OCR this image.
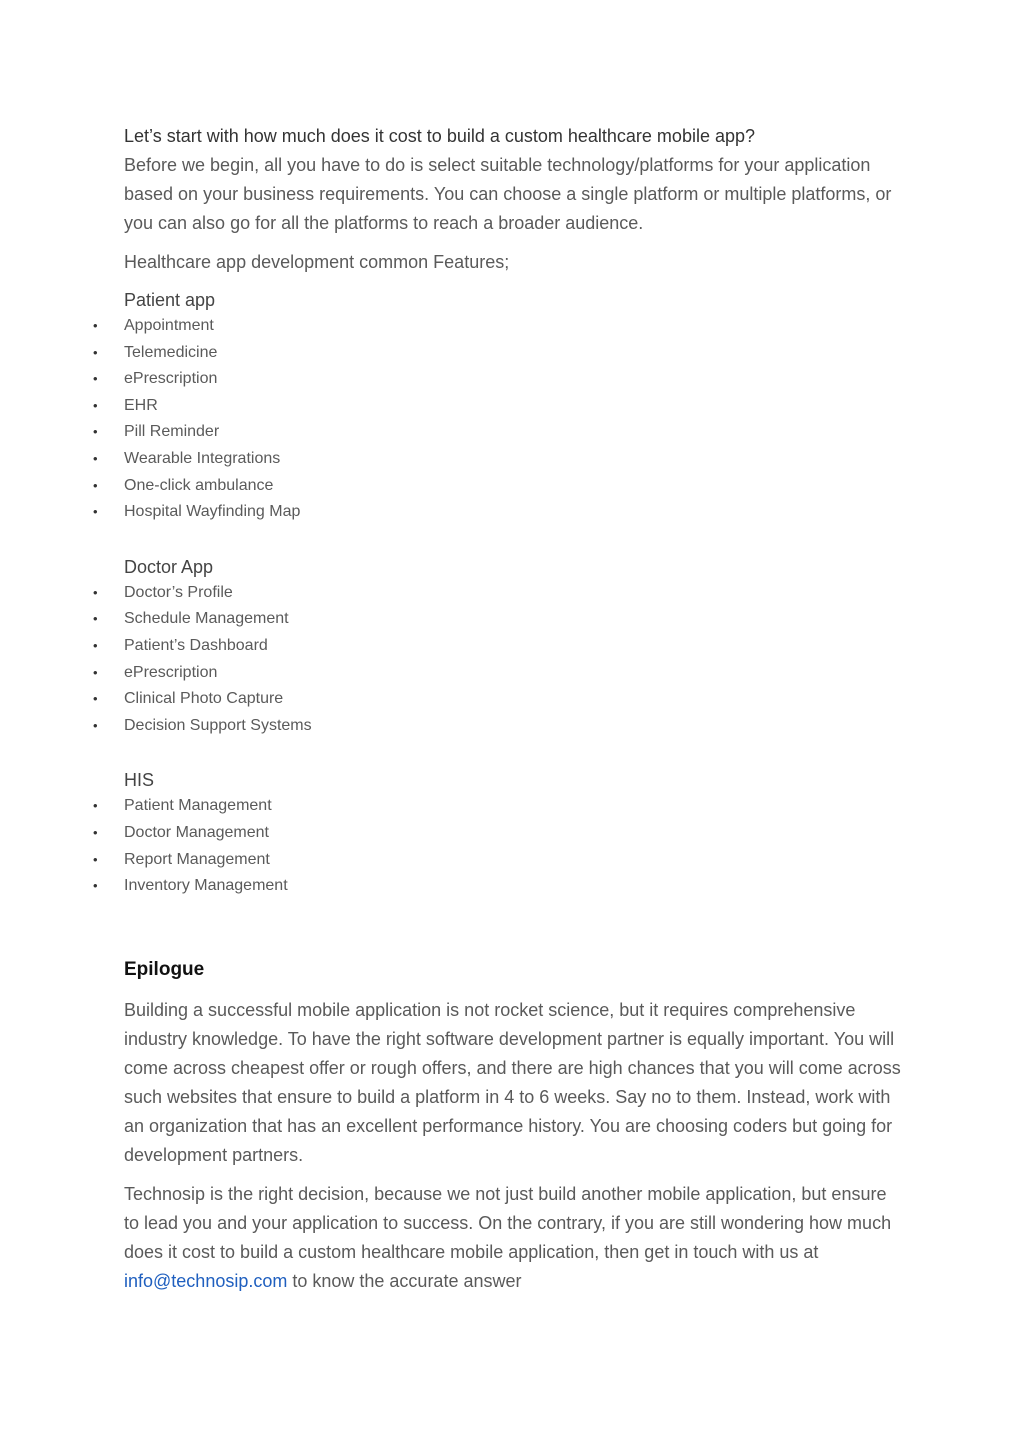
Let’s start with how much does it cost to build a custom healthcare mobile app?

Before we begin, all you have to do is select suitable technology/platforms for your application based on your business requirements. You can choose a single platform or multiple platforms, or you can also go for all the platforms to reach a broader audience.

Healthcare app development common Features;

Patient app

• Appointment
• Telemedicine
• ePrescription
• EHR
• Pill Reminder
• Wearable Integrations
• One-click ambulance
• Hospital Wayfinding Map

Doctor App

• Doctor’s Profile
• Schedule Management
• Patient’s Dashboard
• ePrescription
• Clinical Photo Capture
• Decision Support Systems

HIS

• Patient Management
• Doctor Management
• Report Management
• Inventory Management

Epilogue

Building a successful mobile application is not rocket science, but it requires comprehensive industry knowledge. To have the right software development partner is equally important. You will come across cheapest offer or rough offers, and there are high chances that you will come across such websites that ensure to build a platform in 4 to 6 weeks. Say no to them. Instead, work with an organization that has an excellent performance history. You are choosing coders but going for development partners.

Technosip is the right decision, because we not just build another mobile application, but ensure to lead you and your application to success. On the contrary, if you are still wondering how much does it cost to build a custom healthcare mobile application, then get in touch with us at info@technosip.com to know the accurate answer
